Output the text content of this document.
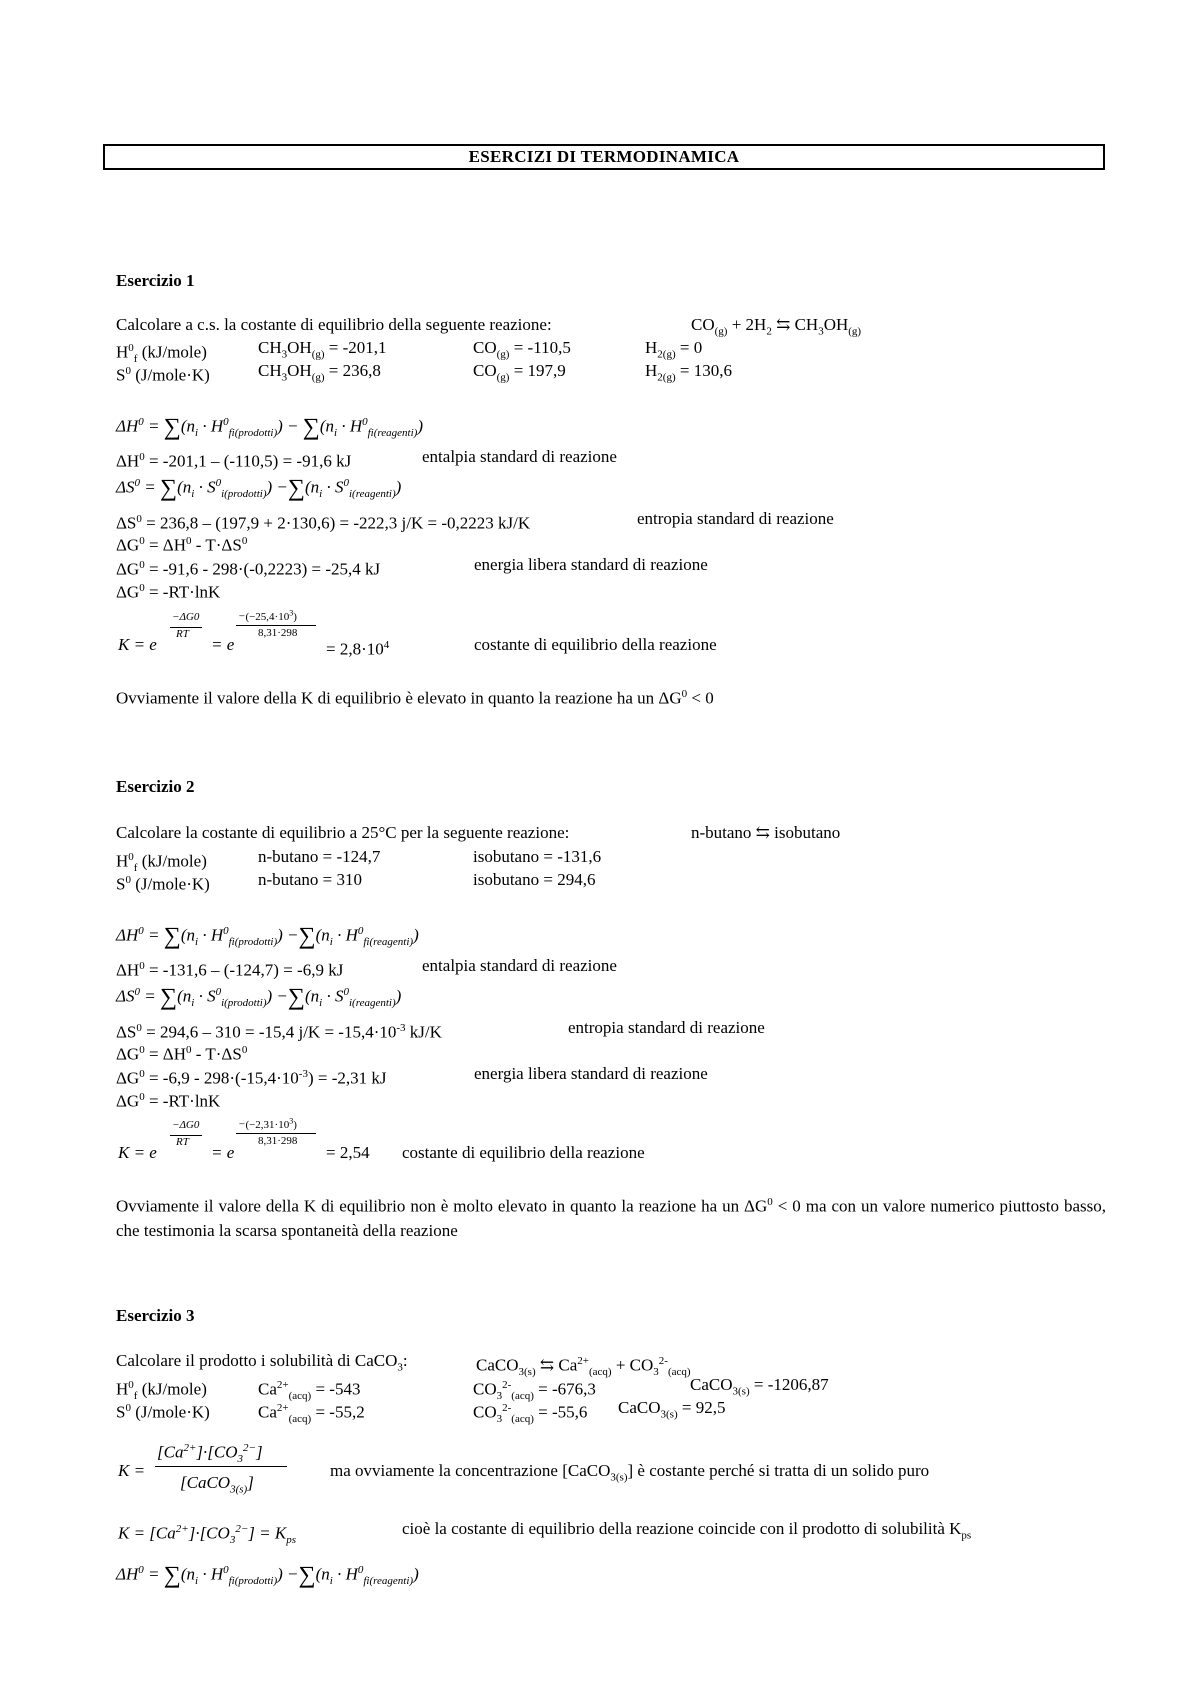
ESERCIZI DI TERMODINAMICA
Esercizio 1
Calcolare a c.s. la costante di equilibrio della seguente reazione:	$CO_{(g)} + 2H_2$ ⇆ $CH_3OH_{(g)}$
$H^0_f$ (kJ/mole)	$CH_3OH_{(g)} = -201,1$	$CO_{(g)} = -110,5$	$H_{2(g)} = 0$
$S^0$ (J/mole·K)	$CH_3OH_{(g)} = 236,8$	$CO_{(g)} = 197,9$	$H_{2(g)} = 130,6$
$\Delta H^0 = \sum(n_i \cdot H^0_{fi(prodotti)}) - \sum(n_i \cdot H^0_{fi(reagenti)})$
$\Delta H^0 = -201,1 - (-110,5) = -91,6$ kJ	entalpia standard di reazione
$\Delta S^0 = \sum(n_i \cdot S^0_{i(prodotti)}) -\sum(n_i \cdot S^0_{i(reagenti)})$
$\Delta S^0 = 236,8 - (197,9 + 2\cdot 130,6) = -222,3$ j/K = -0,2223 kJ/K	entropia standard di reazione
$\Delta G^0 = \Delta H^0 - T\cdot\Delta S^0$
$\Delta G^0 = -91,6 - 298\cdot(-0,2223) = -25,4$ kJ	energia libera standard di reazione
$\Delta G^0 = -RT\cdot\ln K$
K = e
−ΔG0
RT
= e
$-(-25,4\cdot 10^3)$
8,31·298
= $2,8\cdot 10^4$	costante di equilibrio della reazione
Ovviamente il valore della K di equilibrio è elevato in quanto la reazione ha un $\Delta G^0 < 0$
Esercizio 2
Calcolare la costante di equilibrio a 25°C per la seguente reazione:	n-butano ⇆ isobutano
$H^0_f$ (kJ/mole)	n-butano = -124,7	isobutano = -131,6
$S^0$ (J/mole·K)	n-butano = 310	isobutano = 294,6
$\Delta H^0 = \sum(n_i \cdot H^0_{fi(prodotti)}) -\sum(n_i \cdot H^0_{fi(reagenti)})$
$\Delta H^0 = -131,6 - (-124,7) = -6,9$ kJ	entalpia standard di reazione
$\Delta S^0 = \sum(n_i \cdot S^0_{i(prodotti)}) -\sum(n_i \cdot S^0_{i(reagenti)})$
$\Delta S^0 = 294,6 - 310 = -15,4$ $j/K = -15,4\cdot 10^{-3}$ kJ/K	entropia standard di reazione
$\Delta G^0 = \Delta H^0 - T\cdot\Delta S^0$
$\Delta G^0 = -6,9 - 298\cdot(-15,4\cdot 10^{-3}) = -2,31$ kJ	energia libera standard di reazione
$\Delta G^0 = -RT\cdot\ln K$
K = e
−ΔG0
RT
= e
$-(-2,31\cdot 10^3)$
8,31·298
= 2,54 costante di equilibrio della reazione
Ovviamente il valore della K di equilibrio non è molto elevato in quanto la reazione ha un $\Delta G^0 < 0$ ma con un valore numerico piuttosto basso, che testimonia la scarsa spontaneità della reazione
Esercizio 3
Calcolare il prodotto i solubilità di CaCO$_3$:	CaCO$_{3(s)}$ ⇆ $Ca^{2+}_{(acq)} + CO_3^{2-}_{(acq)}$
$H^0_f$ (kJ/mole)	$Ca^{2+}_{(acq)} = -543$	$CO_3^{2-}_{(acq)} = -676,3$	CaCO$_{3(s)}$ = -1206,87
$S^0$ (J/mole·K)	$Ca^{2+}_{(acq)} = -55,2$	$CO_3^{2-}_{(acq)} = -55,6$ CaCO$_{3(s)}$ = 92,5
K =
$[Ca^{2+}]\cdot[CO_3^{2-}]$
[CaCO$_{3(s)}$]
ma ovviamente la concentrazione [CaCO$_{3(s)}$] è costante perché si tratta di un solido puro
$K = [Ca^{2+}]\cdot[CO_3^{2-}] = K_{ps}$
cioè la costante di equilibrio della reazione coincide con il prodotto di solubilità $K_{ps}$
$\Delta H^0 = \sum(n_i \cdot H^0_{fi(prodotti)}) -\sum(n_i \cdot H^0_{fi(reagenti)})$
